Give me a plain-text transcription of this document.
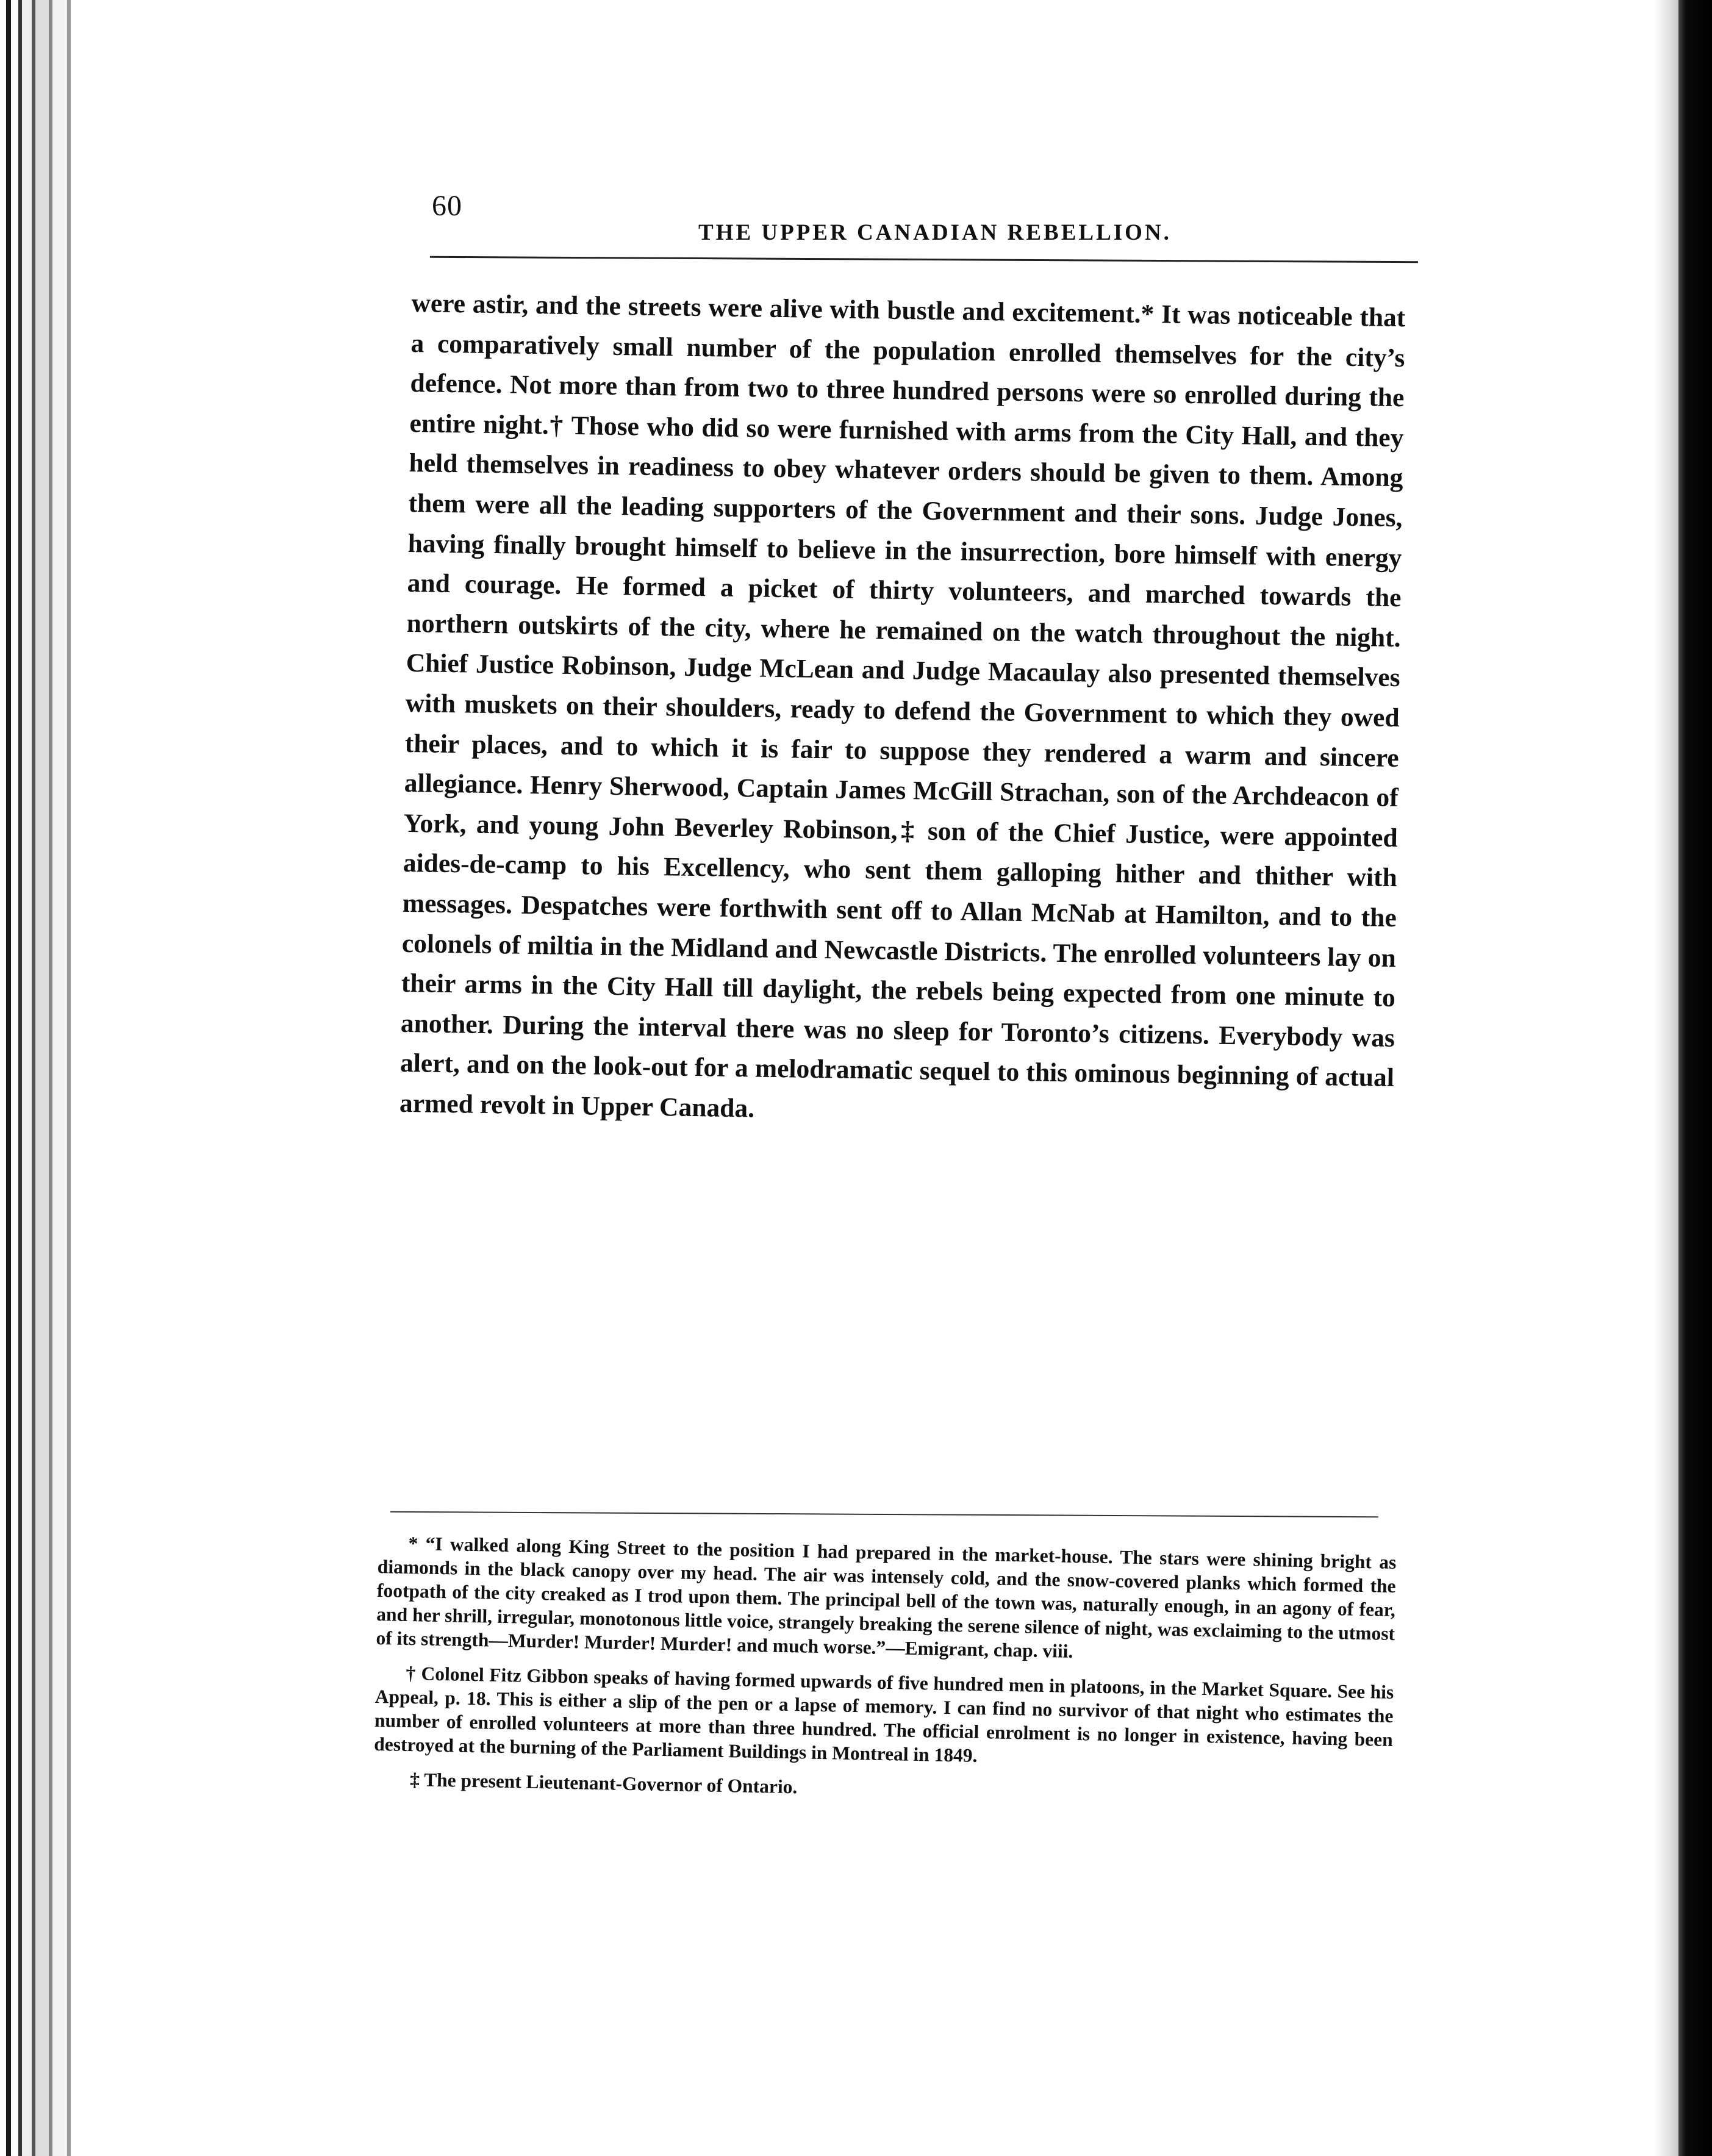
60
THE UPPER CANADIAN REBELLION.

were astir, and the streets were alive with bustle and excitement.* It was noticeable that a comparatively small number of the population enrolled themselves for the city’s defence. Not more than from two to three hundred persons were so enrolled during the entire night.† Those who did so were furnished with arms from the City Hall, and they held themselves in readiness to obey whatever orders should be given to them. Among them were all the leading supporters of the Government and their sons. Judge Jones, having finally brought himself to believe in the insurrection, bore himself with energy and courage. He formed a picket of thirty volunteers, and marched towards the northern outskirts of the city, where he remained on the watch throughout the night. Chief Justice Robinson, Judge McLean and Judge Macaulay also presented themselves with muskets on their shoulders, ready to defend the Government to which they owed their places, and to which it is fair to suppose they rendered a warm and sincere allegiance. Henry Sherwood, Captain James McGill Strachan, son of the Archdeacon of York, and young John Beverley Robinson,‡ son of the Chief Justice, were appointed aides-de-camp to his Excellency, who sent them galloping hither and thither with messages. Despatches were forthwith sent off to Allan McNab at Hamilton, and to the colonels of miltia in the Midland and Newcastle Districts. The enrolled volunteers lay on their arms in the City Hall till daylight, the rebels being expected from one minute to another. During the interval there was no sleep for Toronto’s citizens. Everybody was alert, and on the look-out for a melodramatic sequel to this ominous beginning of actual armed revolt in Upper Canada.

* “I walked along King Street to the position I had prepared in the market-house. The stars were shining bright as diamonds in the black canopy over my head. The air was intensely cold, and the snow-covered planks which formed the footpath of the city creaked as I trod upon them. The principal bell of the town was, naturally enough, in an agony of fear, and her shrill, irregular, monotonous little voice, strangely breaking the serene silence of night, was exclaiming to the utmost of its strength—Murder! Murder! Murder! and much worse.”—Emigrant, chap. viii.

† Colonel Fitz Gibbon speaks of having formed upwards of five hundred men in platoons, in the Market Square. See his Appeal, p. 18. This is either a slip of the pen or a lapse of memory. I can find no survivor of that night who estimates the number of enrolled volunteers at more than three hundred. The official enrolment is no longer in existence, having been destroyed at the burning of the Parliament Buildings in Montreal in 1849.

‡ The present Lieutenant-Governor of Ontario.
